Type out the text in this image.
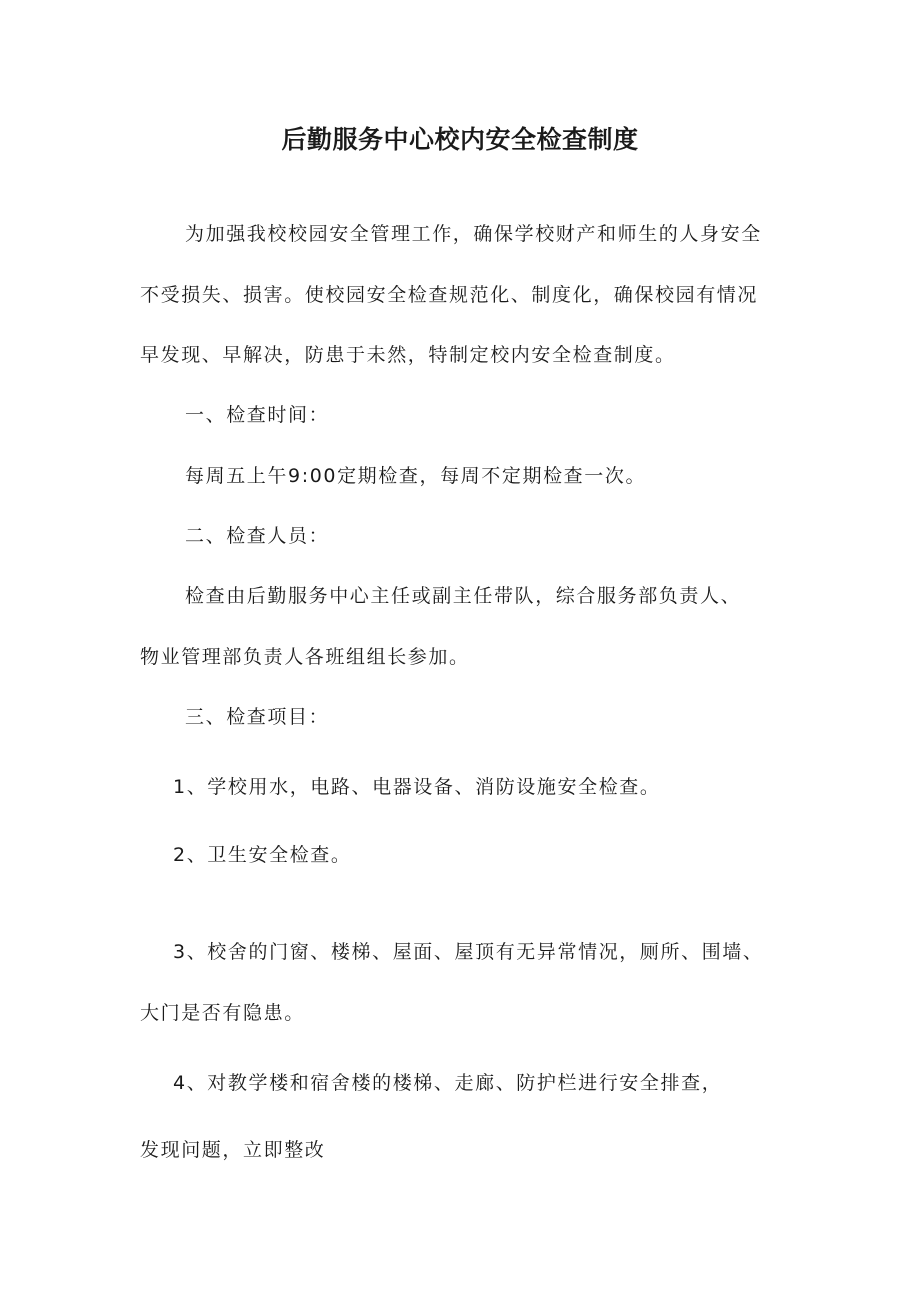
后勤服务中心校内安全检查制度
为加强我校校园安全管理工作，确保学校财产和师生的人身安全
不受损失、损害。使校园安全检查规范化、制度化，确保校园有情况
早发现、早解决，防患于未然，特制定校内安全检查制度。
一、检查时间：
每周五上午9:00定期检查，每周不定期检查一次。
二、检查人员：
检查由后勤服务中心主任或副主任带队，综合服务部负责人、
物业管理部负责人各班组组长参加。
三、检查项目：
1、学校用水，电路、电器设备、消防设施安全检查。
2、卫生安全检查。
3、校舍的门窗、楼梯、屋面、屋顶有无异常情况，厕所、围墙、
大门是否有隐患。
4、对教学楼和宿舍楼的楼梯、走廊、防护栏进行安全排查，
发现问题，立即整改
